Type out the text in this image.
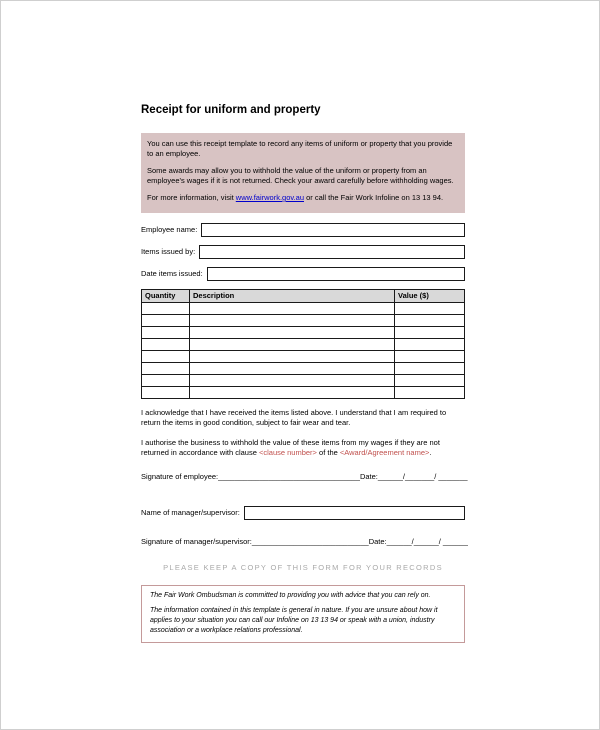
Receipt for uniform and property

You can use this receipt template to record any items of uniform or property that you provide to an employee.

Some awards may allow you to withhold the value of the uniform or property from an employee's wages if it is not returned. Check your award carefully before withholding wages.

For more information, visit www.fairwork.gov.au or call the Fair Work Infoline on 13 13 94.

Employee name:
Items issued by:
Date items issued:
Quantity	Description	Value ($)

I acknowledge that I have received the items listed above. I understand that I am required to return the items in good condition, subject to fair wear and tear.

I authorise the business to withhold the value of these items from my wages if they are not returned in accordance with clause <clause number> of the <Award/Agreement name>.

Signature of employee:__________________________________ Date:______/_______/ _______
Name of manager/supervisor:
Signature of manager/supervisor:____________________________ Date:______/______/ ______
PLEASE KEEP A COPY OF THIS FORM FOR YOUR RECORDS

The Fair Work Ombudsman is committed to providing you with advice that you can rely on.

The information contained in this template is general in nature. If you are unsure about how it applies to your situation you can call our Infoline on 13 13 94 or speak with a union, industry association or a workplace relations professional.
